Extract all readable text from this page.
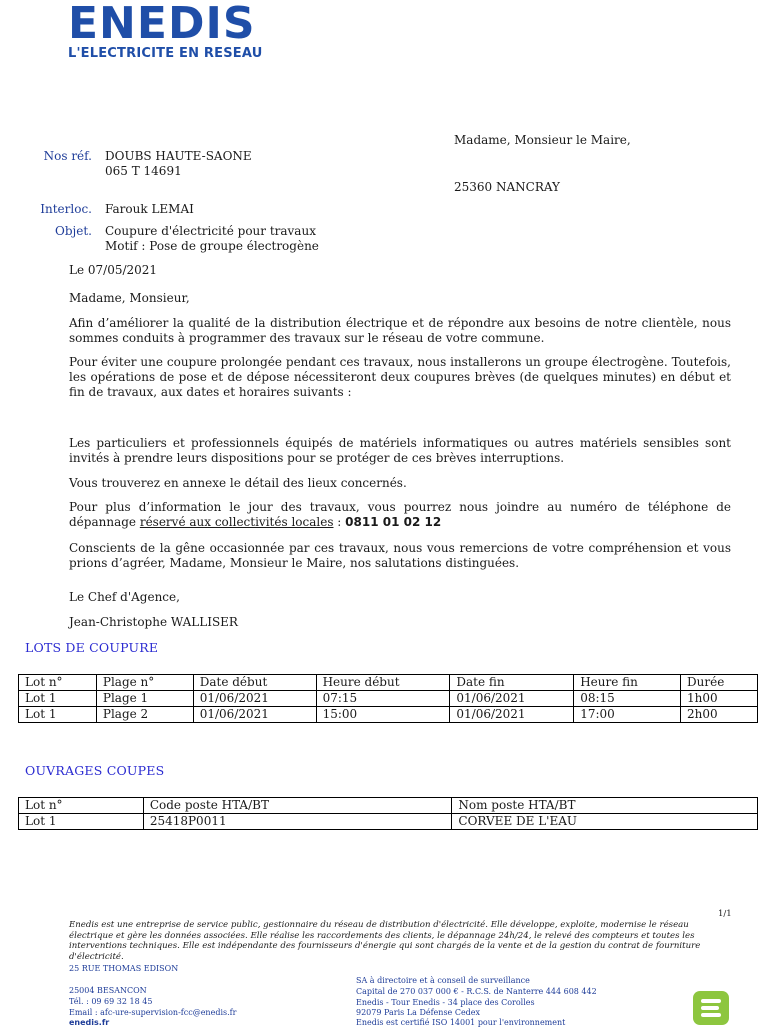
ENEDIS
L'ELECTRICITE EN RESEAU
Madame, Monsieur le Maire,
25360 NANCRAY
Nos réf. DOUBS HAUTE-SAONE
065 T 14691
Interloc. Farouk LEMAI
Objet. Coupure d'électricité pour travaux
Motif : Pose de groupe électrogène
Le 07/05/2021
Madame, Monsieur,
Afin d’améliorer la qualité de la distribution électrique et de répondre aux besoins de notre clientèle, nous sommes conduits à programmer des travaux sur le réseau de votre commune.
Pour éviter une coupure prolongée pendant ces travaux, nous installerons un groupe électrogène. Toutefois, les opérations de pose et de dépose nécessiteront deux coupures brèves (de quelques minutes) en début et fin de travaux, aux dates et horaires suivants :
Les particuliers et professionnels équipés de matériels informatiques ou autres matériels sensibles sont invités à prendre leurs dispositions pour se protéger de ces brèves interruptions.
Vous trouverez en annexe le détail des lieux concernés.
Pour plus d’information le jour des travaux, vous pourrez nous joindre au numéro de téléphone de dépannage réservé aux collectivités locales : 0811 01 02 12
Conscients de la gêne occasionnée par ces travaux, nous vous remercions de votre compréhension et vous prions d’agréer, Madame, Monsieur le Maire, nos salutations distinguées.
Le Chef d'Agence,
Jean-Christophe WALLISER
LOTS DE COUPURE
Lot n°	Plage n°	Date début	Heure début	Date fin	Heure fin	Durée
Lot 1	Plage 1	01/06/2021	07:15	01/06/2021	08:15	1h00
Lot 1	Plage 2	01/06/2021	15:00	01/06/2021	17:00	2h00
OUVRAGES COUPES
Lot n°	Code poste HTA/BT	Nom poste HTA/BT
Lot 1	25418P0011	CORVEE DE L'EAU
1/1
Enedis est une entreprise de service public, gestionnaire du réseau de distribution d'électricité. Elle développe, exploite, modernise le réseau électrique et gère les données associées. Elle réalise les raccordements des clients, le dépannage 24h/24, le relevé des compteurs et toutes les interventions techniques. Elle est indépendante des fournisseurs d'énergie qui sont chargés de la vente et de la gestion du contrat de fourniture d'électricité.
25 RUE THOMAS EDISON
25004 BESANCON
Tél. : 09 69 32 18 45
Email : afc-ure-supervision-fcc@enedis.fr
enedis.fr
SA à directoire et à conseil de surveillance
Capital de 270 037 000 € - R.C.S. de Nanterre 444 608 442
Enedis - Tour Enedis - 34 place des Corolles
92079 Paris La Défense Cedex
Enedis est certifié ISO 14001 pour l'environnement
